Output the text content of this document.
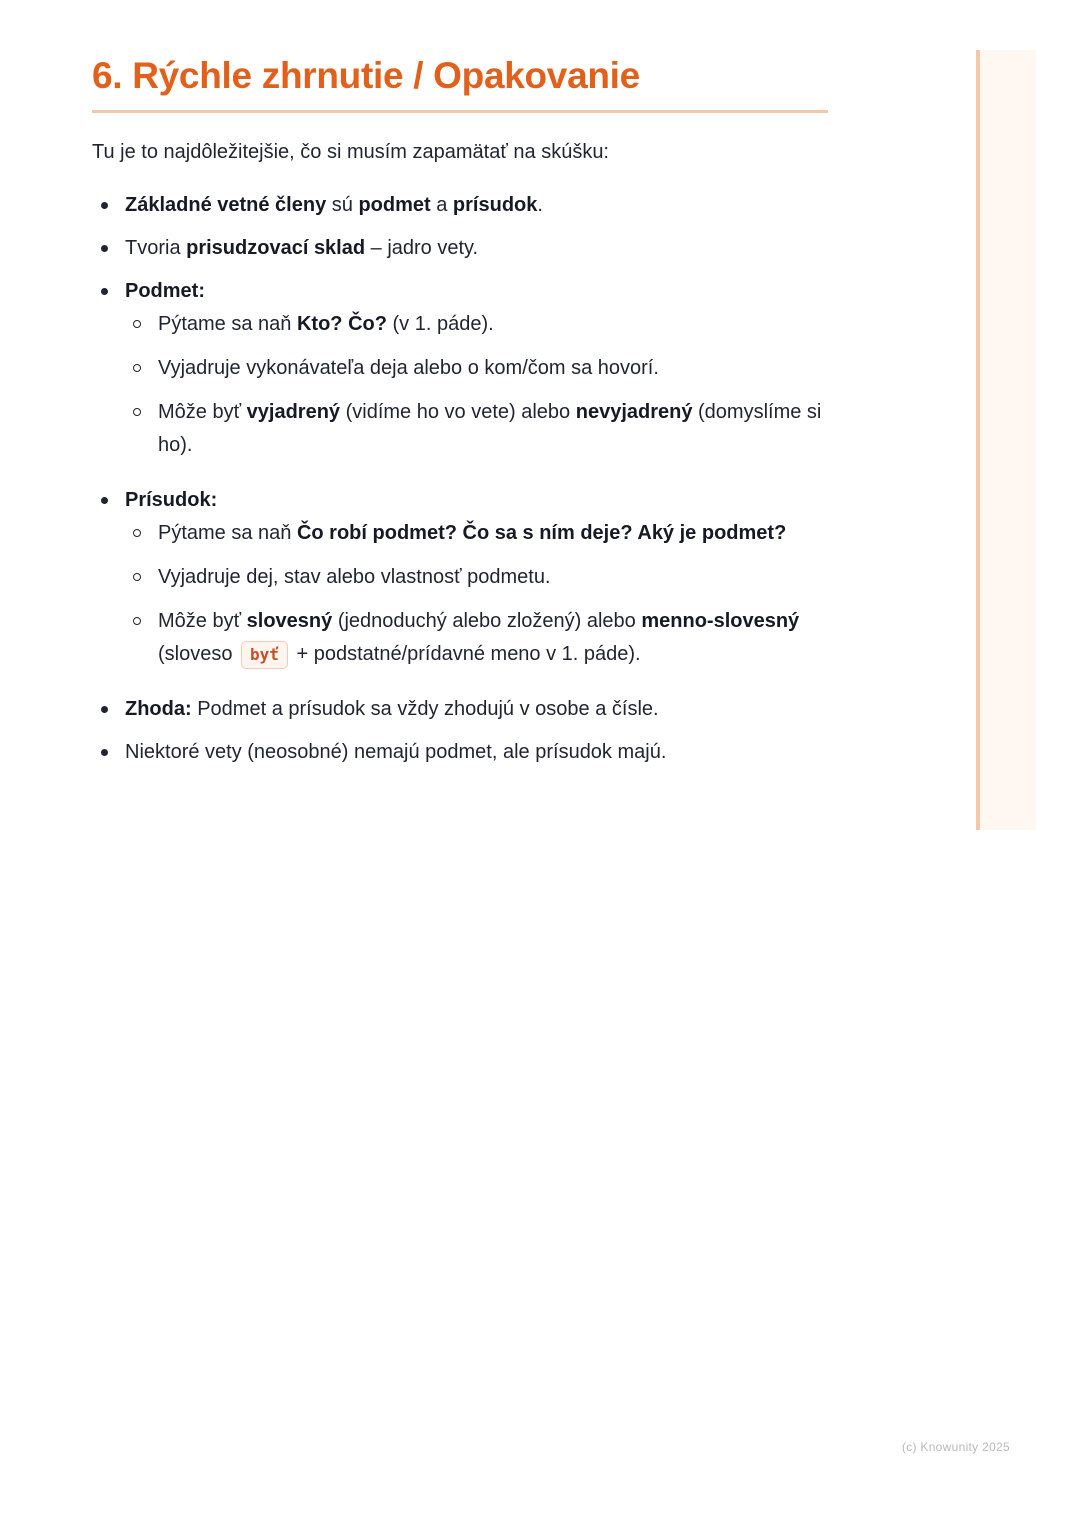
6. Rýchle zhrnutie / Opakovanie

Tu je to najdôležitejšie, čo si musím zapamätať na skúšku:

Základné vetné členy sú podmet a prísudok.
Tvoria prisudzovací sklad – jadro vety.
Podmet:
Pýtame sa naň Kto? Čo? (v 1. páde).
Vyjadruje vykonávateľa deja alebo o kom/čom sa hovorí.
Môže byť vyjadrený (vidíme ho vo vete) alebo nevyjadrený (domyslíme si ho).
Prísudok:
Pýtame sa naň Čo robí podmet? Čo sa s ním deje? Aký je podmet?
Vyjadruje dej, stav alebo vlastnosť podmetu.
Môže byť slovesný (jednoduchý alebo zložený) alebo menno-slovesný (sloveso byť + podstatné/prídavné meno v 1. páde).
Zhoda: Podmet a prísudok sa vždy zhodujú v osobe a čísle.
Niektoré vety (neosobné) nemajú podmet, ale prísudok majú.
(c) Knowunity 2025
